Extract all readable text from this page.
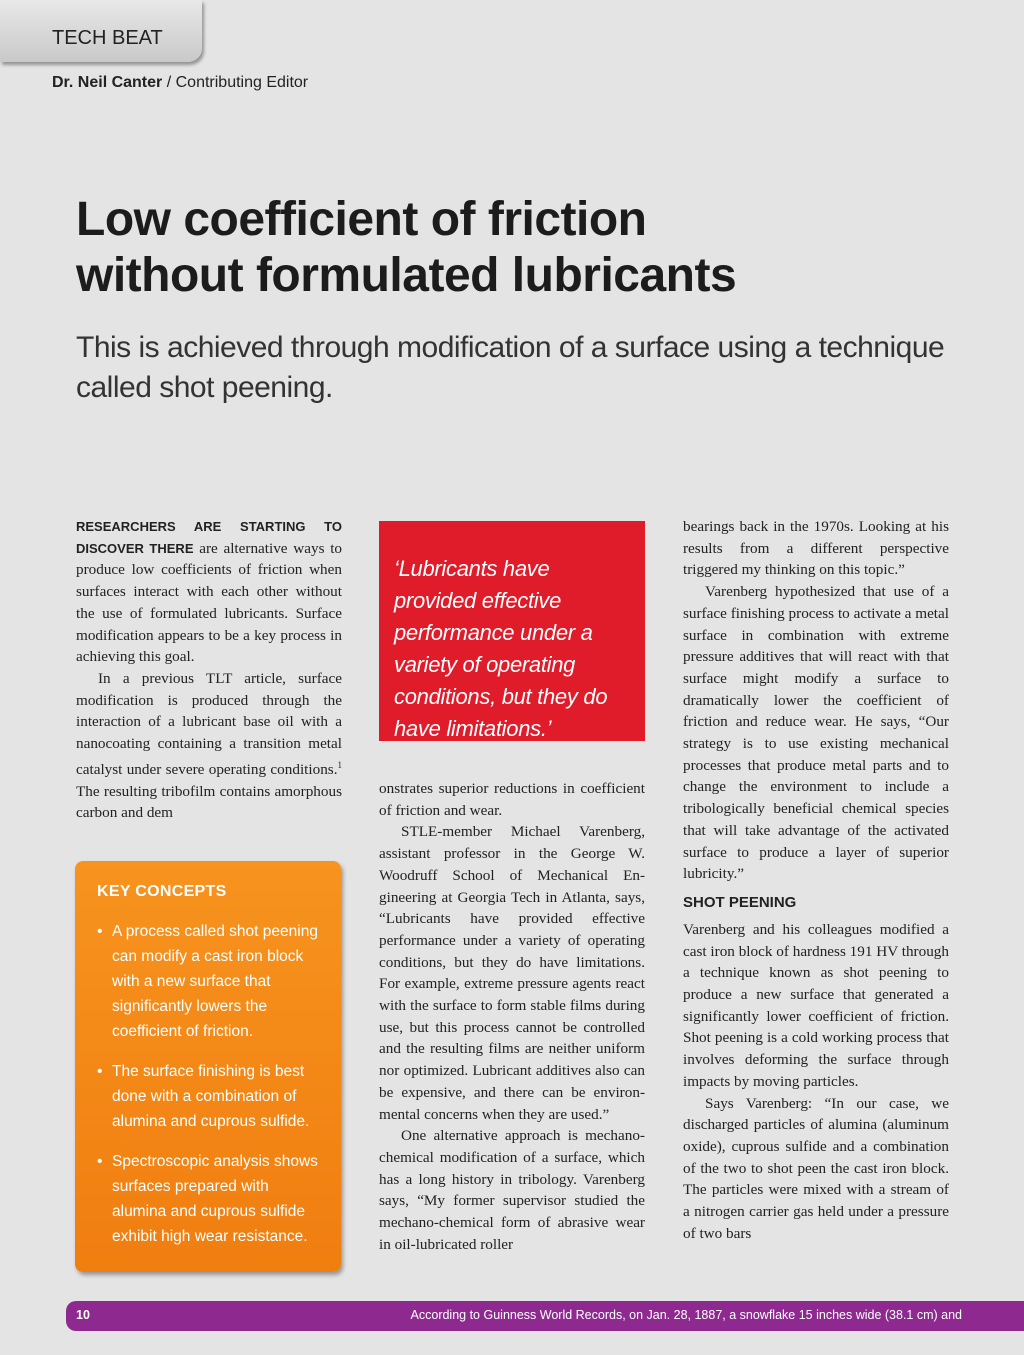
TECH BEAT
Dr. Neil Canter / Contributing Editor
Low coefficient of friction
without formulated lubricants

This is achieved through modification of a surface using a technique called shot peening.

RESEARCHERS ARE STARTING TO DISCOVER THERE are alternative ways to produce low coefficients of friction when surfaces interact with each other without the use of formulated lubricants. Surface modification appears to be a key process in achieving this goal.

In a previous TLT article, surface modification is produced through the interaction of a lubricant base oil with a nanocoating containing a transition metal catalyst under severe operating conditions.$^1$ The resulting tribofilm contains amorphous carbon and dem

‘Lubricants have provided effective performance under a variety of operating conditions, but they do have limitations.’

onstrates superior reductions in coefficient of friction and wear.

STLE-member Michael Varenberg, assistant professor in the George W. Woodruff School of Mechanical Engineering at Georgia Tech in Atlanta, says, “Lubricants have provided effective performance under a variety of operating conditions, but they do have limitations. For example, extreme pressure agents react with the surface to form stable films during use, but this process cannot be controlled and the resulting films are neither uniform nor optimized. Lubricant additives also can be expensive, and there can be environmental concerns when they are used.”

One alternative approach is mechano-chemical modification of a surface, which has a long history in tribology. Varenberg says, “My former supervisor studied the mechano-chemical form of abrasive wear in oil-lubricated roller

bearings back in the 1970s. Looking at his results from a different perspective triggered my thinking on this topic.”

Varenberg hypothesized that use of a surface finishing process to activate a metal surface in combination with extreme pressure additives that will react with that surface might modify a surface to dramatically lower the coefficient of friction and reduce wear. He says, “Our strategy is to use existing mechanical processes that produce metal parts and to change the environment to include a tribologically beneficial chemical species that will take advantage of the activated surface to produce a layer of superior lubricity.”

SHOT PEENING

Varenberg and his colleagues modified a cast iron block of hardness 191 HV through a technique known as shot peening to produce a new surface that generated a significantly lower coefficient of friction. Shot peening is a cold working process that involves deforming the surface through impacts by moving particles.

Says Varenberg: “In our case, we discharged particles of alumina (aluminum oxide), cuprous sulfide and a combination of the two to shot peen the cast iron block. The particles were mixed with a stream of a nitrogen carrier gas held under a pressure of two bars

KEY CONCEPTS
• A process called shot peening can modify a cast iron block with a new surface that significantly lowers the coefficient of friction.
• The surface finishing is best done with a combination of alumina and cuprous sulfide.
• Spectroscopic analysis shows surfaces prepared with alumina and cuprous sulfide exhibit high wear resistance.
10	According to Guinness World Records, on Jan. 28, 1887, a snowflake 15 inches wide (38.1 cm) and
